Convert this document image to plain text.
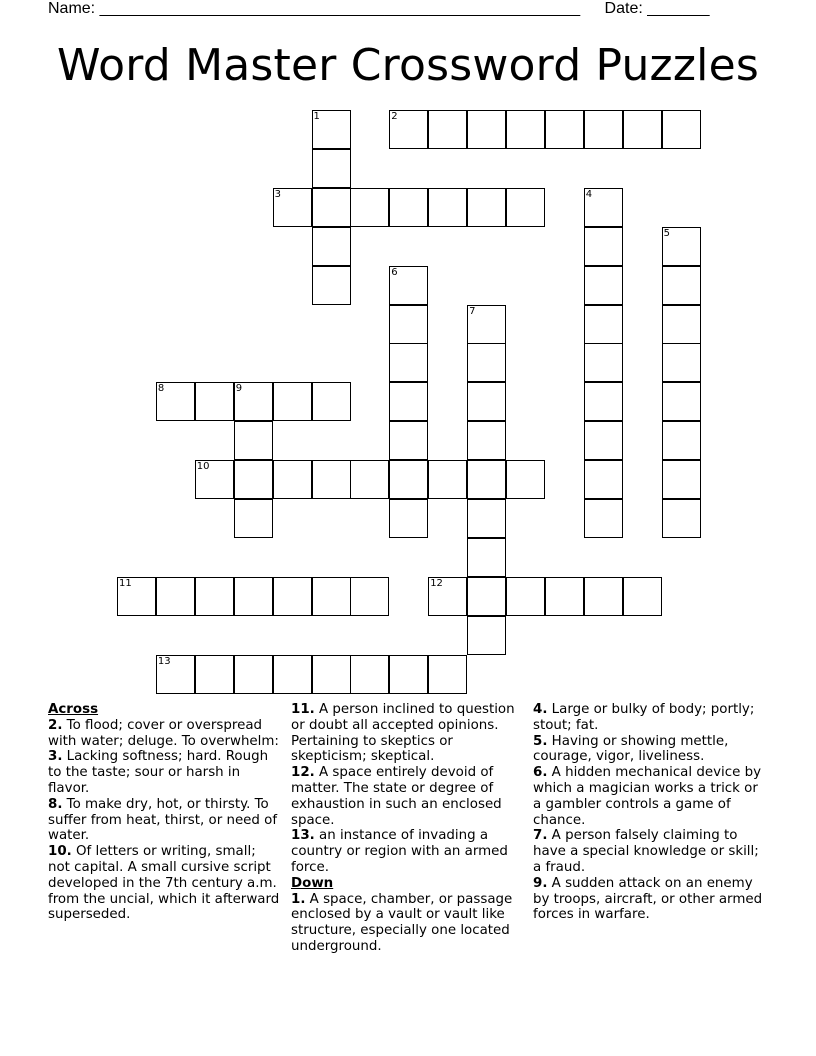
Name: ______________________________________________________ Date: _______
Word Master Crossword Puzzles
1	2
3	4
5
6
7
8	9
10
11	12
13
Across

2. To flood; cover or overspread with water; deluge. To overwhelm:

3. Lacking softness; hard. Rough to the taste; sour or harsh in flavor.

8. To make dry, hot, or thirsty. To suffer from heat, thirst, or need of water.

10. Of letters or writing, small; not capital. A small cursive script developed in the 7th century a.m. from the uncial, which it afterward superseded.

11. A person inclined to question or doubt all accepted opinions. Pertaining to skeptics or skepticism; skeptical.

12. A space entirely devoid of matter. The state or degree of exhaustion in such an enclosed space.

13. an instance of invading a country or region with an armed force.

Down

1. A space, chamber, or passage enclosed by a vault or vault like structure, especially one located underground.

4. Large or bulky of body; portly; stout; fat.

5. Having or showing mettle, courage, vigor, liveliness.

6. A hidden mechanical device by which a magician works a trick or a gambler controls a game of chance.

7. A person falsely claiming to have a special knowledge or skill; a fraud.

9. A sudden attack on an enemy by troops, aircraft, or other armed forces in warfare.
